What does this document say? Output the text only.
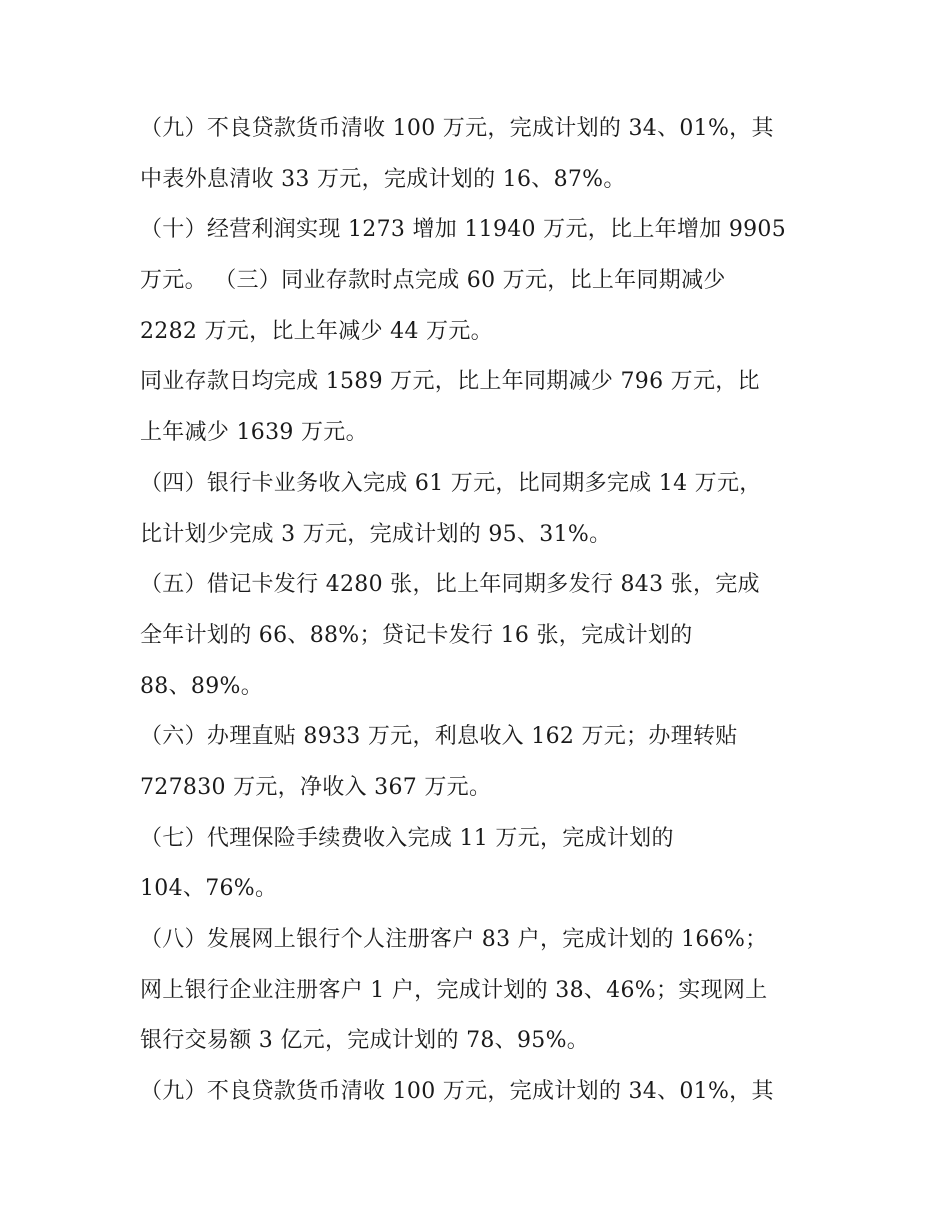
（九）不良贷款货币清收 100 万元，完成计划的 34、01%，其
中表外息清收 33 万元，完成计划的 16、87%。
（十）经营利润实现 1273 增加 11940 万元，比上年增加 9905
万元。 （三）同业存款时点完成 60 万元，比上年同期减少
2282 万元，比上年减少 44 万元。
同业存款日均完成 1589 万元，比上年同期减少 796 万元，比
上年减少 1639 万元。
（四）银行卡业务收入完成 61 万元，比同期多完成 14 万元，
比计划少完成 3 万元，完成计划的 95、31%。
（五）借记卡发行 4280 张，比上年同期多发行 843 张，完成
全年计划的 66、88%；贷记卡发行 16 张，完成计划的
88、89%。
（六）办理直贴 8933 万元，利息收入 162 万元；办理转贴
727830 万元，净收入 367 万元。
（七）代理保险手续费收入完成 11 万元，完成计划的
104、76%。
（八）发展网上银行个人注册客户 83 户，完成计划的 166%；
网上银行企业注册客户 1 户，完成计划的 38、46%；实现网上
银行交易额 3 亿元，完成计划的 78、95%。
（九）不良贷款货币清收 100 万元，完成计划的 34、01%，其
